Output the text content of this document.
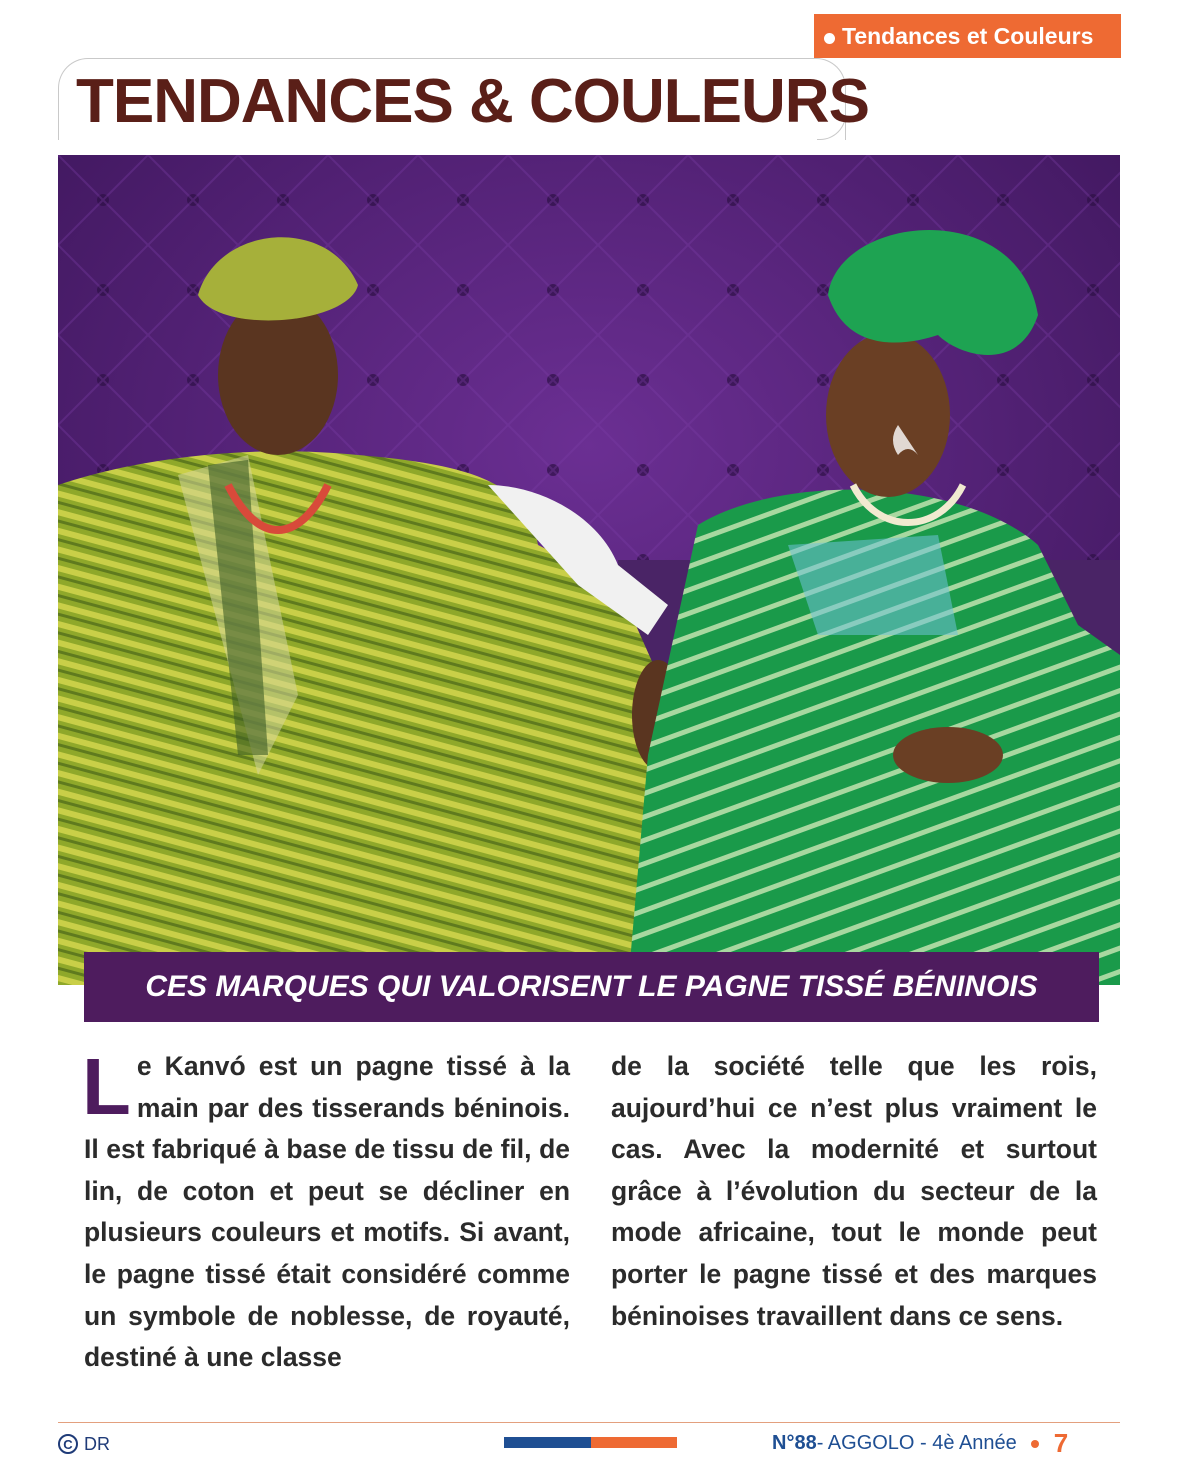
Tendances et Couleurs
TENDANCES & COULEURS
CES MARQUES QUI VALORISENT LE PAGNE TISSÉ BÉNINOIS

Le Kanvó est un pagne tissé à la main par des tisserands béninois. Il est fabriqué à base de tissu de fil, de lin, de coton et peut se décliner en plusieurs couleurs et motifs. Si avant, le pagne tissé était considéré comme un symbole de noblesse, de royauté, destiné à une classe

de la société telle que les rois, aujourd’hui ce n’est plus vraiment le cas. Avec la modernité et surtout grâce à l’évolution du secteur de la mode africaine, tout le monde peut porter le pagne tissé et des marques béninoises travaillent dans ce sens.

C DR	N°88 - AGGOLO - 4è Année 7
